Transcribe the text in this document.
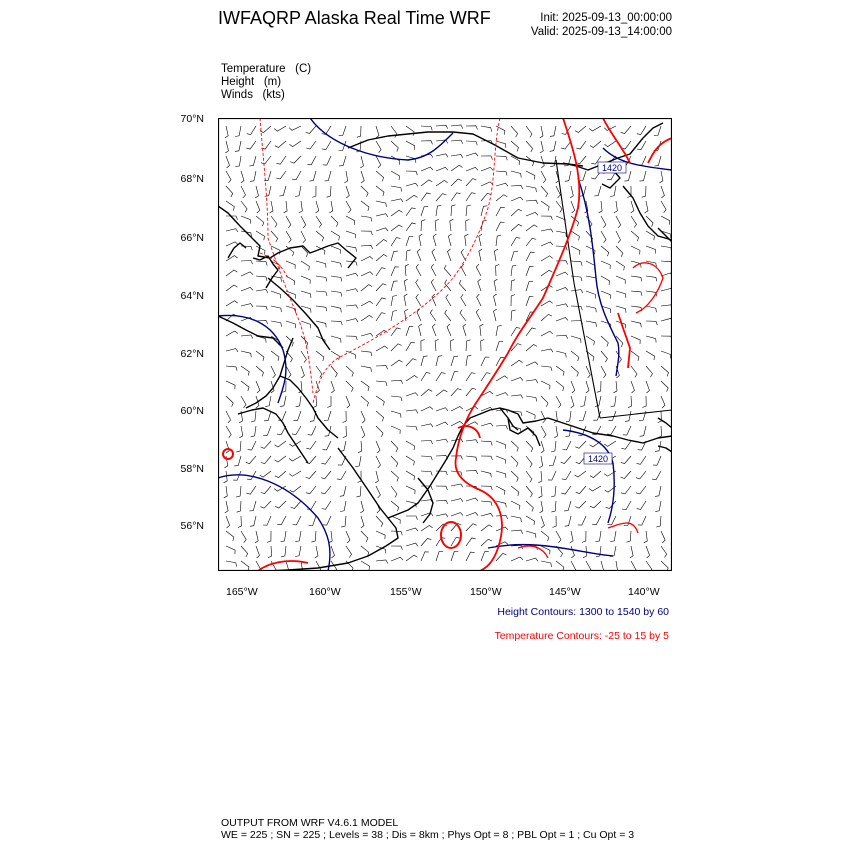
IWFAQRP Alaska Real Time WRF	Init: 2025-09-13_00:00:00
Valid: 2025-09-13_14:00:00
Temperature   (C)
Height   (m)
Winds   (kts)
70°N
68°N
66°N
64°N
62°N
60°N
58°N
56°N
165°W	160°W	155°W	150°W	145°W	140°W
1420
1420
Height Contours: 1300 to 1540 by 60
Temperature Contours: -25 to 15 by 5
OUTPUT FROM WRF V4.6.1 MODEL
WE = 225 ; SN = 225 ; Levels = 38 ; Dis = 8km ; Phys Opt = 8 ; PBL Opt = 1 ; Cu Opt = 3
